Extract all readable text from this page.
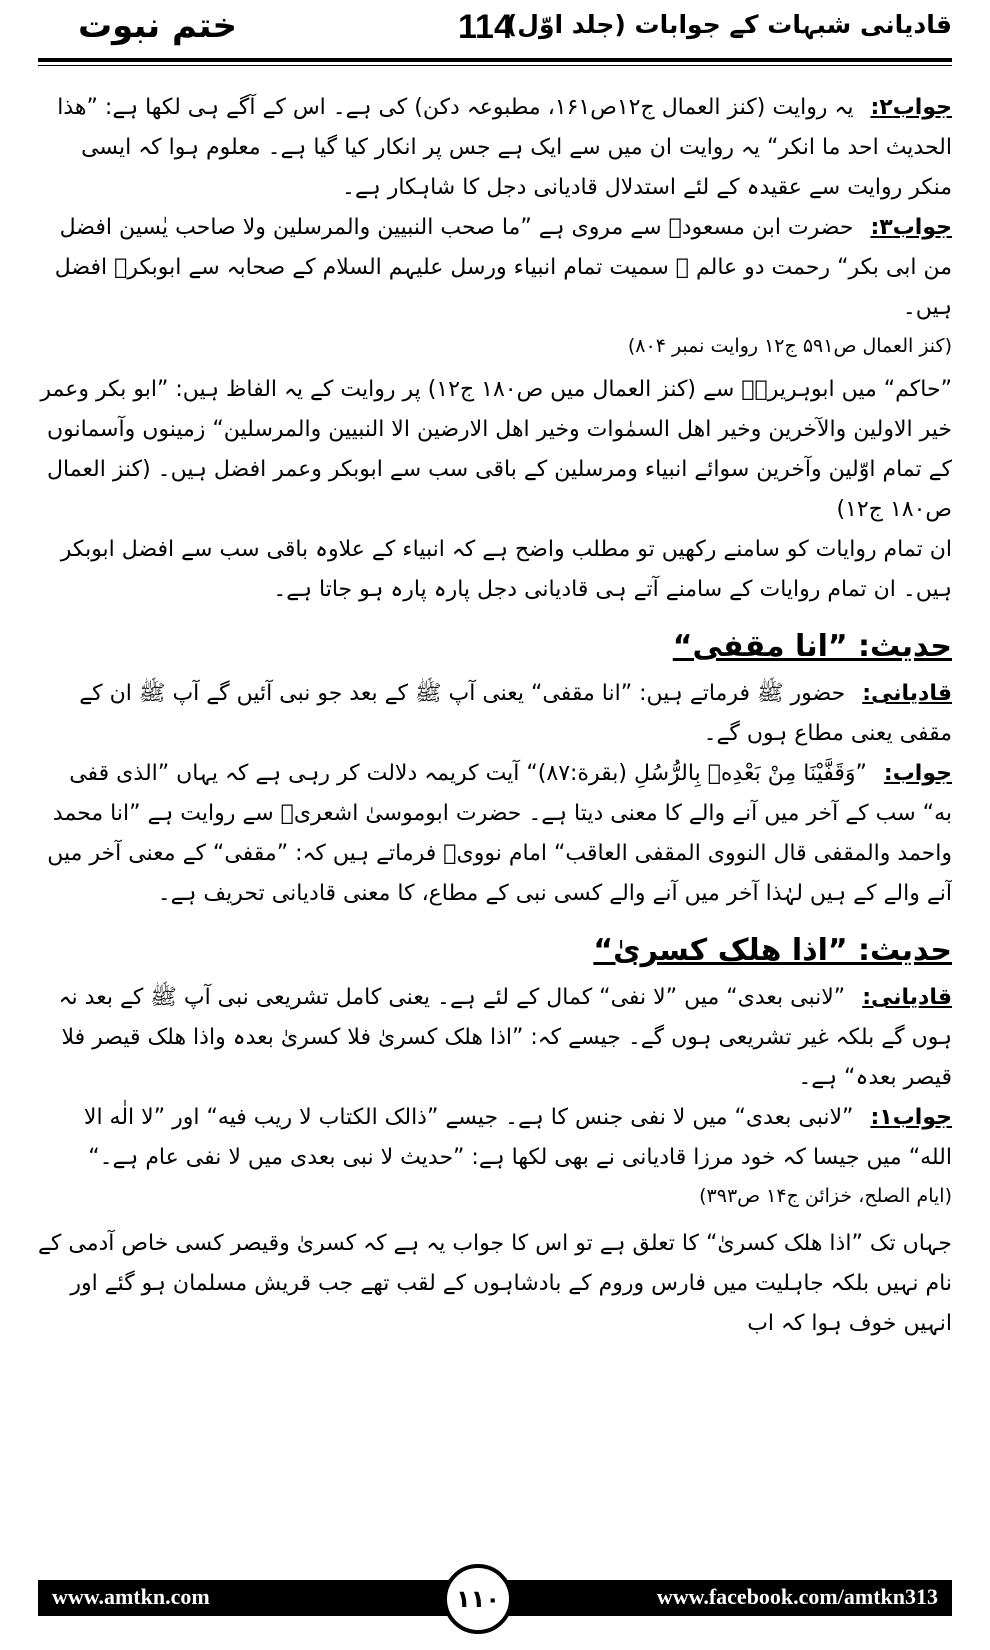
قادیانی شبہات کے جوابات (جلد اوّل)
114
ختم نبوت

جواب۲: یہ روایت (کنز العمال ج۱۲ص۱۶۱، مطبوعہ دکن) کی ہے۔ اس کے آگے ہی لکھا ہے: ”ھذا الحدیث احد ما انکر“ یہ روایت ان میں سے ایک ہے جس پر انکار کیا گیا ہے۔ معلوم ہوا کہ ایسی منکر روایت سے عقیدہ کے لئے استدلال قادیانی دجل کا شاہکار ہے۔

جواب۳: حضرت ابن مسعودؓ سے مروی ہے ”ما صحب النبیین والمرسلین ولا صاحب یٰسین افضل من ابی بکر“ رحمت دو عالم ﷺ سمیت تمام انبیاء ورسل علیہم السلام کے صحابہ سے ابوبکرؓ افضل ہیں۔

(کنز العمال ص۵۹۱ ج۱۲ روایت نمبر ۸۰۴)

”حاکم“ میں ابوہریرہؓ سے (کنز العمال میں ص۱۸۰ ج۱۲) پر روایت کے یہ الفاظ ہیں: ”ابو بکر وعمر خیر الاولین والآخرین وخیر اھل السمٰوات وخیر اھل الارضین الا النبیین والمرسلین“ زمینوں وآسمانوں کے تمام اوّلین وآخرین سوائے انبیاء ومرسلین کے باقی سب سے ابوبکر وعمر افضل ہیں۔ (کنز العمال ص۱۸۰ ج۱۲)

ان تمام روایات کو سامنے رکھیں تو مطلب واضح ہے کہ انبیاء کے علاوہ باقی سب سے افضل ابوبکر ہیں۔ ان تمام روایات کے سامنے آتے ہی قادیانی دجل پارہ پارہ ہو جاتا ہے۔

حدیث: ”انا مقفی“

قادیانی: حضور ﷺ فرماتے ہیں: ”انا مقفی“ یعنی آپ ﷺ کے بعد جو نبی آئیں گے آپ ﷺ ان کے مقفی یعنی مطاع ہوں گے۔

جواب: ”وَقَفَّيْنَا مِنْ بَعْدِهٖ بِالرُّسُلِ (بقرة:۸۷)“ آیت کریمہ دلالت کر رہی ہے کہ یہاں ”الذی قفی به“ سب کے آخر میں آنے والے کا معنی دیتا ہے۔ حضرت ابوموسیٰ اشعریؓ سے روایت ہے ”انا محمد واحمد والمقفی قال النووی المقفی العاقب“ امام نوویؒ فرماتے ہیں کہ: ”مقفی“ کے معنی آخر میں آنے والے کے ہیں لہٰذا آخر میں آنے والے کسی نبی کے مطاع، کا معنی قادیانی تحریف ہے۔

حدیث: ”اذا ھلک کسریٰ“

قادیانی: ”لانبی بعدی“ میں ”لا نفی“ کمال کے لئے ہے۔ یعنی کامل تشریعی نبی آپ ﷺ کے بعد نہ ہوں گے بلکہ غیر تشریعی ہوں گے۔ جیسے کہ: ”اذا ھلک کسریٰ فلا کسریٰ بعدہ واذا ھلک قیصر فلا قیصر بعدہ“ ہے۔

جواب۱: ”لانبی بعدی“ میں لا نفی جنس کا ہے۔ جیسے ”ذالک الکتاب لا ریب فیه“ اور ”لا الٰه الا الله“ میں جیسا کہ خود مرزا قادیانی نے بھی لکھا ہے: ”حدیث لا نبی بعدی میں لا نفی عام ہے۔“

(ایام الصلح، خزائن ج۱۴ ص۳۹۳)

جہاں تک ”اذا ھلک کسریٰ“ کا تعلق ہے تو اس کا جواب یہ ہے کہ کسریٰ وقیصر کسی خاص آدمی کے نام نہیں بلکہ جاہلیت میں فارس وروم کے بادشاہوں کے لقب تھے جب قریش مسلمان ہو گئے اور انہیں خوف ہوا کہ اب

www.amtkn.com	۱۱۰	www.facebook.com/amtkn313
